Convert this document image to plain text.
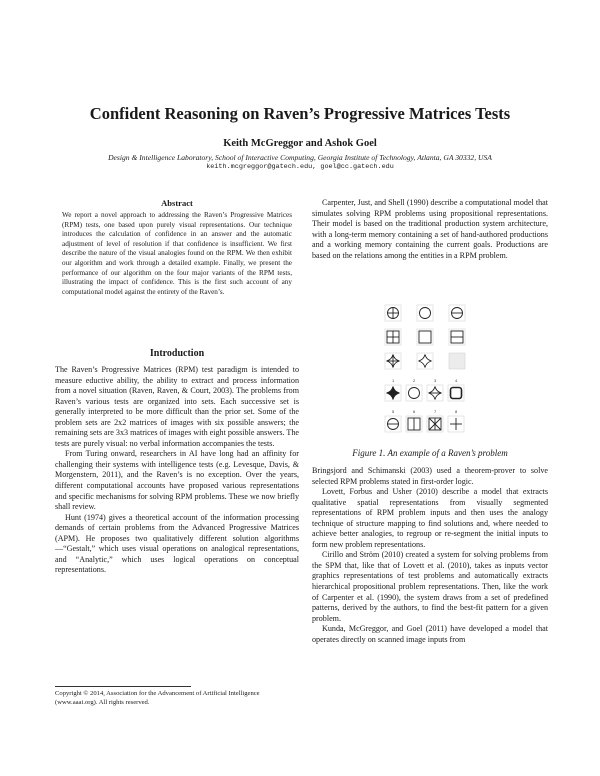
Confident Reasoning on Raven’s Progressive Matrices Tests
Keith McGreggor and Ashok Goel
Design & Intelligence Laboratory, School of Interactive Computing, Georgia Institute of Technology, Atlanta, GA 30332, USA
keith.mcgreggor@gatech.edu, goel@cc.gatech.edu
Abstract
We report a novel approach to addressing the Raven’s Progressive Matrices (RPM) tests, one based upon purely visual representations. Our technique introduces the calculation of confidence in an answer and the automatic adjustment of level of resolution if that confidence is insufficient. We first describe the nature of the visual analogies found on the RPM. We then exhibit our algorithm and work through a detailed example. Finally, we present the performance of our algorithm on the four major variants of the RPM tests, illustrating the impact of confidence. This is the first such account of any computational model against the entirety of the Raven’s.
Introduction

The Raven’s Progressive Matrices (RPM) test paradigm is intended to measure eductive ability, the ability to extract and process information from a novel situation (Raven, Raven, & Court, 2003). The problems from Raven’s various tests are organized into sets. Each successive set is generally interpreted to be more difficult than the prior set. Some of the problem sets are 2x2 matrices of images with six possible answers; the remaining sets are 3x3 matrices of images with eight possible answers. The tests are purely visual: no verbal information accompanies the tests.

From Turing onward, researchers in AI have long had an affinity for challenging their systems with intelligence tests (e.g. Levesque, Davis, & Morgenstern, 2011), and the Raven’s is no exception. Over the years, different computational accounts have proposed various representations and specific mechanisms for solving RPM problems. These we now briefly shall review.

Hunt (1974) gives a theoretical account of the information processing demands of certain problems from the Advanced Progressive Matrices (APM). He proposes two qualitatively different solution algorithms—“Gestalt,” which uses visual operations on analogical representations, and “Analytic,” which uses logical operations on conceptual representations.

Copyright © 2014, Association for the Advancement of Artificial Intelligence (www.aaai.org). All rights reserved.

Carpenter, Just, and Shell (1990) describe a computational model that simulates solving RPM problems using propositional representations. Their model is based on the traditional production system architecture, with a long-term memory containing a set of hand-authored productions and a working memory containing the current goals. Productions are based on the relations among the entities in a RPM problem.

1	2	3	4
5	6	7	8
Figure 1. An example of a Raven’s problem

Bringsjord and Schimanski (2003) used a theorem-prover to solve selected RPM problems stated in first-order logic.

Lovett, Forbus and Usher (2010) describe a model that extracts qualitative spatial representations from visually segmented representations of RPM problem inputs and then uses the analogy technique of structure mapping to find solutions and, where needed to achieve better analogies, to regroup or re-segment the initial inputs to form new problem representations.

Cirillo and Ström (2010) created a system for solving problems from the SPM that, like that of Lovett et al. (2010), takes as inputs vector graphics representations of test problems and automatically extracts hierarchical propositional problem representations. Then, like the work of Carpenter et al. (1990), the system draws from a set of predefined patterns, derived by the authors, to find the best-fit pattern for a given problem.

Kunda, McGreggor, and Goel (2011) have developed a model that operates directly on scanned image inputs from
